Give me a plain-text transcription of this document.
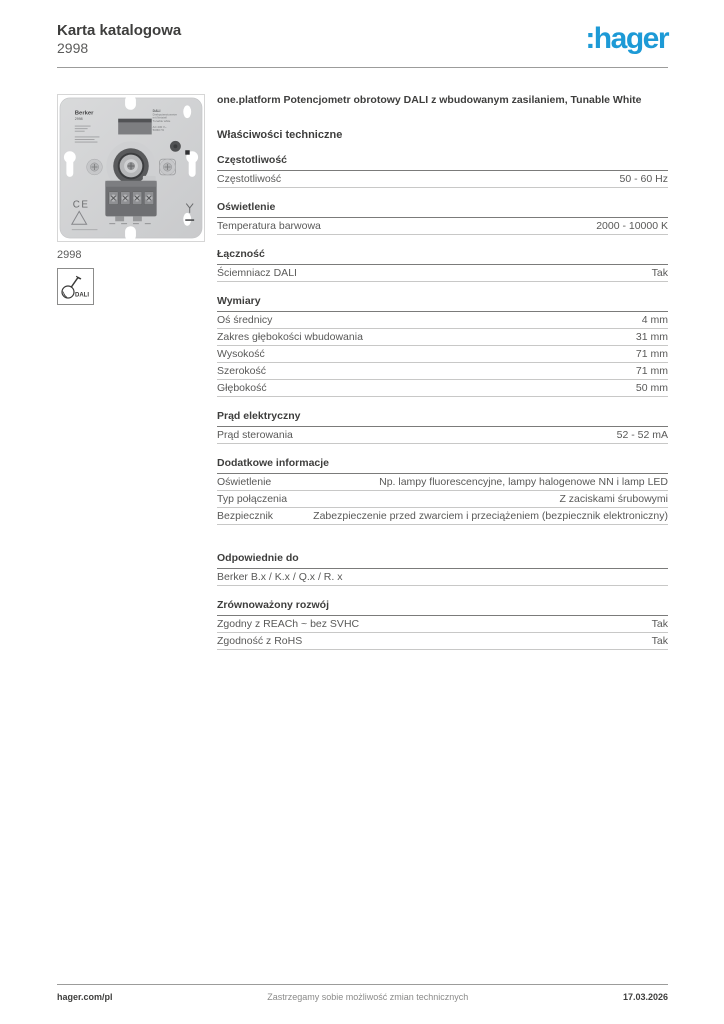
Karta katalogowa
2998	:hager
Berker
2998
DALI
Drehpotenziometer
mit Netzteil
Tunable white
AC 230 V~
50/60 Hz
CE
2998
DALI
one.platform Potencjometr obrotowy DALI z wbudowanym zasilaniem, Tunable White
Właściwości techniczne
Częstotliwość
Częstotliwość	50 - 60 Hz
Oświetlenie
Temperatura barwowa	2000 - 10000 K
Łączność
Ściemniacz DALI	Tak
Wymiary
Oś średnicy	4 mm
Zakres głębokości wbudowania	31 mm
Wysokość	71 mm
Szerokość	71 mm
Głębokość	50 mm
Prąd elektryczny
Prąd sterowania	52 - 52 mA
Dodatkowe informacje
Oświetlenie	Np. lampy fluorescencyjne, lampy halogenowe NN i lamp LED
Typ połączenia	Z zaciskami śrubowymi
Bezpiecznik	Zabezpieczenie przed zwarciem i przeciążeniem (bezpiecznik elektroniczny)
Odpowiednie do
Berker B.x / K.x / Q.x / R. x
Zrównoważony rozwój
Zgodny z REACh ~ bez SVHC	Tak
Zgodność z RoHS	Tak
hager.com/pl	Zastrzegamy sobie możliwość zmian technicznych	17.03.2026
